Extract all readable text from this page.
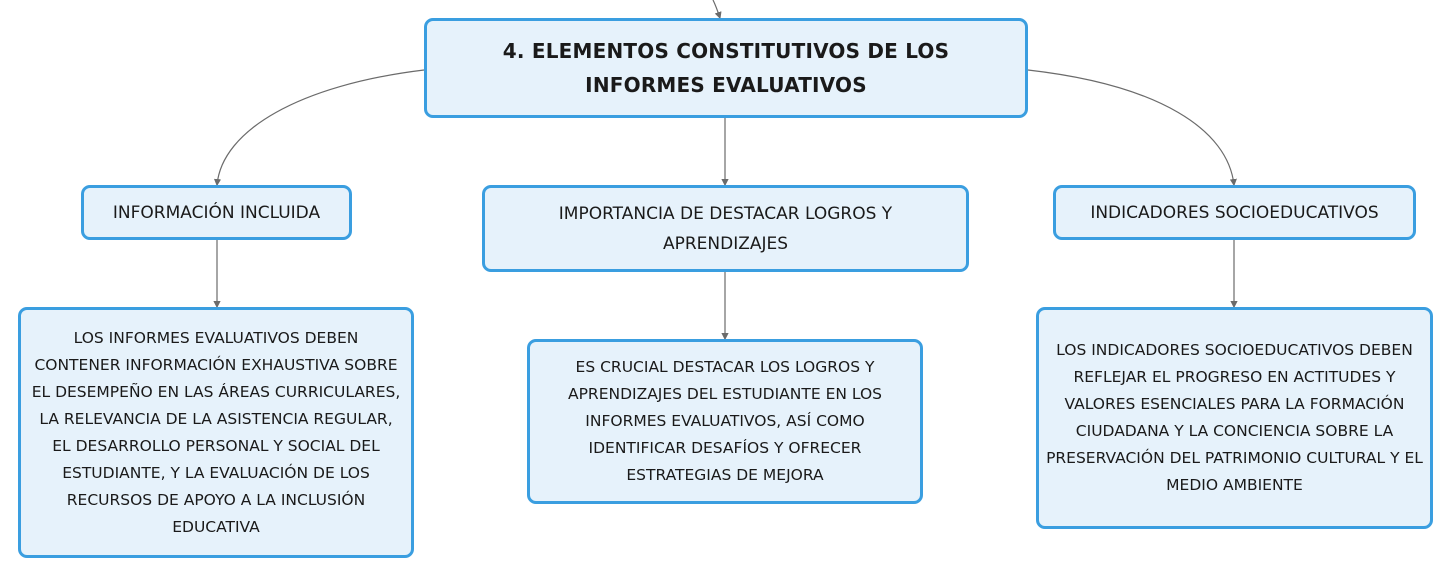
4. ELEMENTOS CONSTITUTIVOS DE LOS INFORMES EVALUATIVOS
INFORMACIÓN INCLUIDA	IMPORTANCIA DE DESTACAR LOGROS Y APRENDIZAJES
INDICADORES SOCIOEDUCATIVOS
LOS INFORMES EVALUATIVOS DEBEN CONTENER INFORMACIÓN EXHAUSTIVA SOBRE EL DESEMPEÑO EN LAS ÁREAS CURRICULARES, LA RELEVANCIA DE LA ASISTENCIA REGULAR, EL DESARROLLO PERSONAL Y SOCIAL DEL ESTUDIANTE, Y LA EVALUACIÓN DE LOS RECURSOS DE APOYO A LA INCLUSIÓN EDUCATIVA
ES CRUCIAL DESTACAR LOS LOGROS Y APRENDIZAJES DEL ESTUDIANTE EN LOS INFORMES EVALUATIVOS, ASÍ COMO IDENTIFICAR DESAFÍOS Y OFRECER ESTRATEGIAS DE MEJORA
LOS INDICADORES SOCIOEDUCATIVOS DEBEN REFLEJAR EL PROGRESO EN ACTITUDES Y VALORES ESENCIALES PARA LA FORMACIÓN CIUDADANA Y LA CONCIENCIA SOBRE LA PRESERVACIÓN DEL PATRIMONIO CULTURAL Y EL MEDIO AMBIENTE
